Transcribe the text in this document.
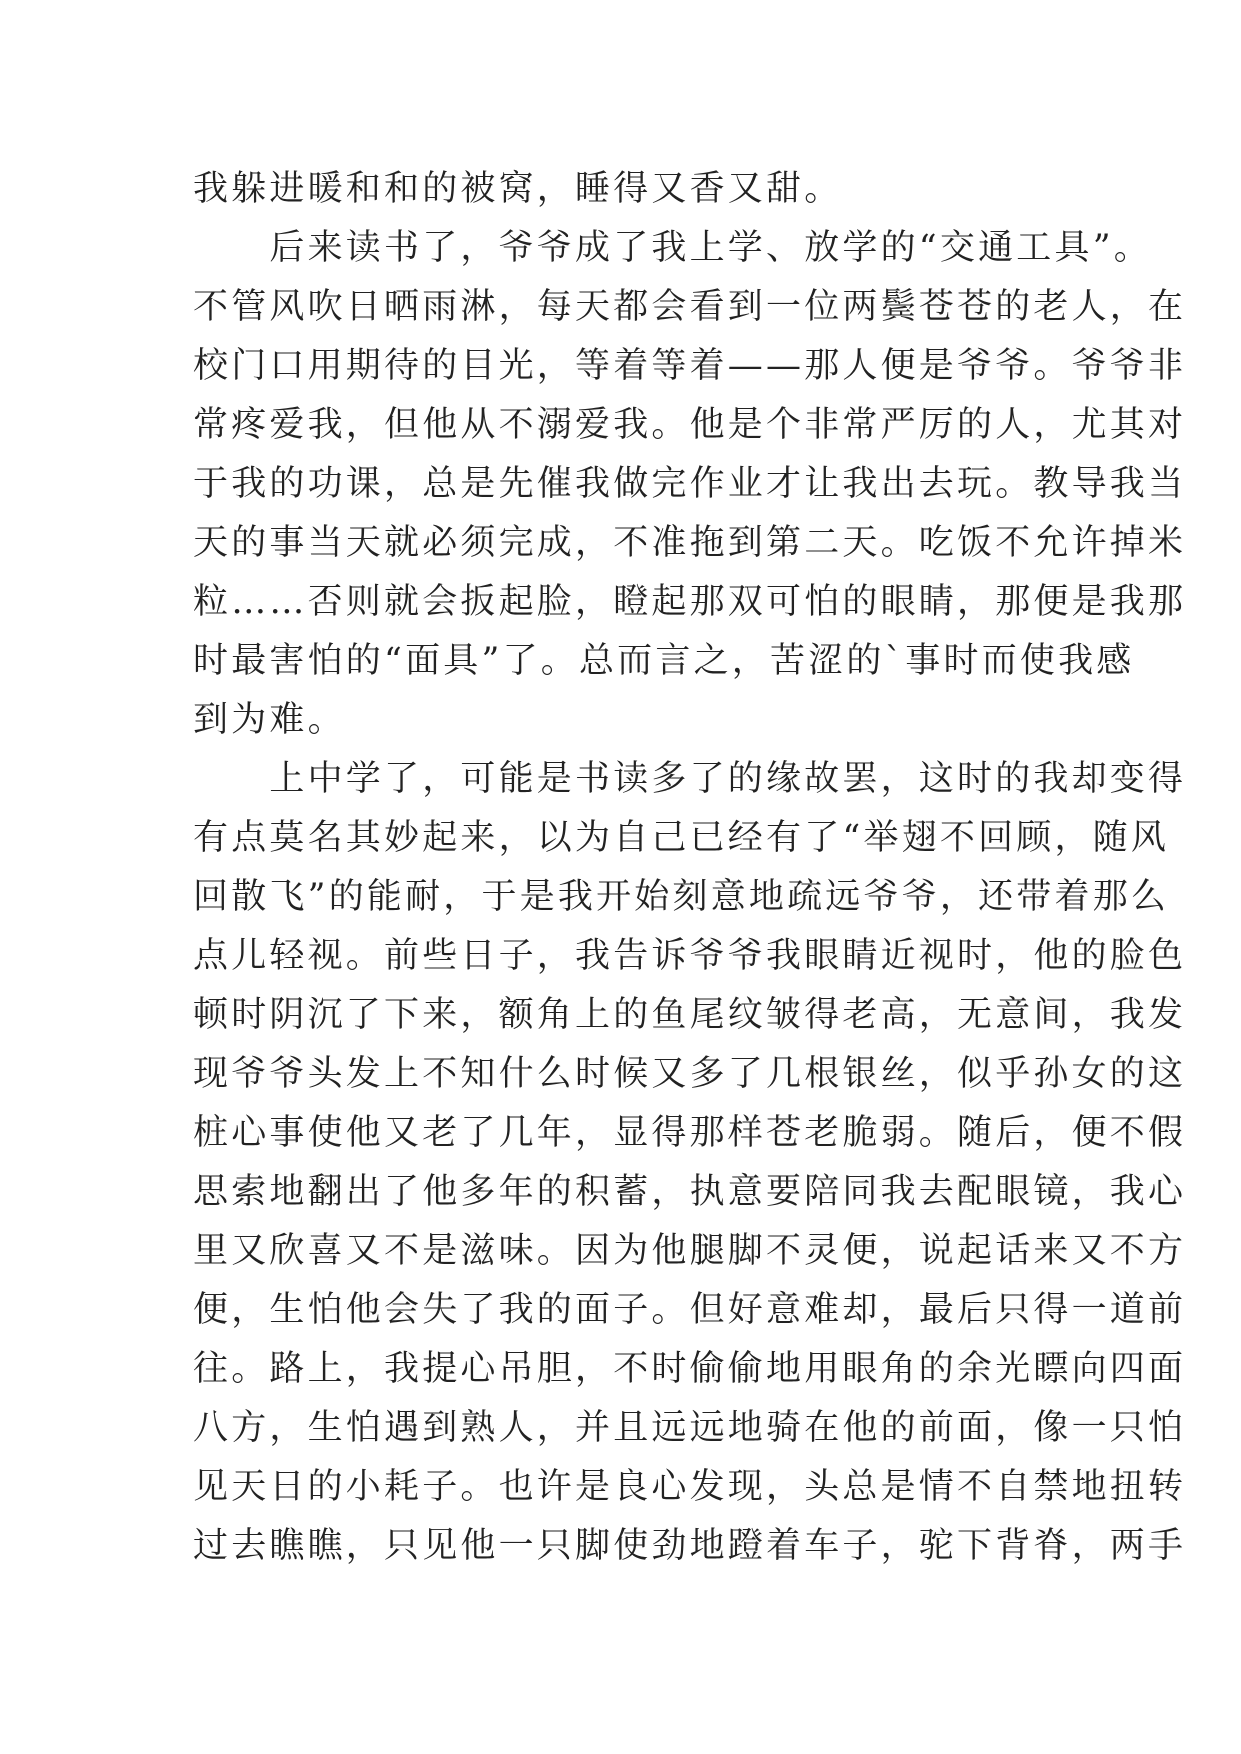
我躲进暖和和的被窝，睡得又香又甜。
　　后来读书了，爷爷成了我上学、放学的“交通工具”。
不管风吹日晒雨淋，每天都会看到一位两鬓苍苍的老人，在
校门口用期待的目光，等着等着——那人便是爷爷。爷爷非
常疼爱我，但他从不溺爱我。他是个非常严厉的人，尤其对
于我的功课，总是先催我做完作业才让我出去玩。教导我当
天的事当天就必须完成，不准拖到第二天。吃饭不允许掉米
粒……否则就会扳起脸，瞪起那双可怕的眼睛，那便是我那
时最害怕的“面具”了。总而言之，苦涩的`事时而使我感
到为难。
　　上中学了，可能是书读多了的缘故罢，这时的我却变得
有点莫名其妙起来，以为自己已经有了“举翅不回顾，随风
回散飞”的能耐，于是我开始刻意地疏远爷爷，还带着那么
点儿轻视。前些日子，我告诉爷爷我眼睛近视时，他的脸色
顿时阴沉了下来，额角上的鱼尾纹皱得老高，无意间，我发
现爷爷头发上不知什么时候又多了几根银丝，似乎孙女的这
桩心事使他又老了几年，显得那样苍老脆弱。随后，便不假
思索地翻出了他多年的积蓄，执意要陪同我去配眼镜，我心
里又欣喜又不是滋味。因为他腿脚不灵便，说起话来又不方
便，生怕他会失了我的面子。但好意难却，最后只得一道前
往。路上，我提心吊胆，不时偷偷地用眼角的余光瞟向四面
八方，生怕遇到熟人，并且远远地骑在他的前面，像一只怕
见天日的小耗子。也许是良心发现，头总是情不自禁地扭转
过去瞧瞧，只见他一只脚使劲地蹬着车子，驼下背脊，两手
